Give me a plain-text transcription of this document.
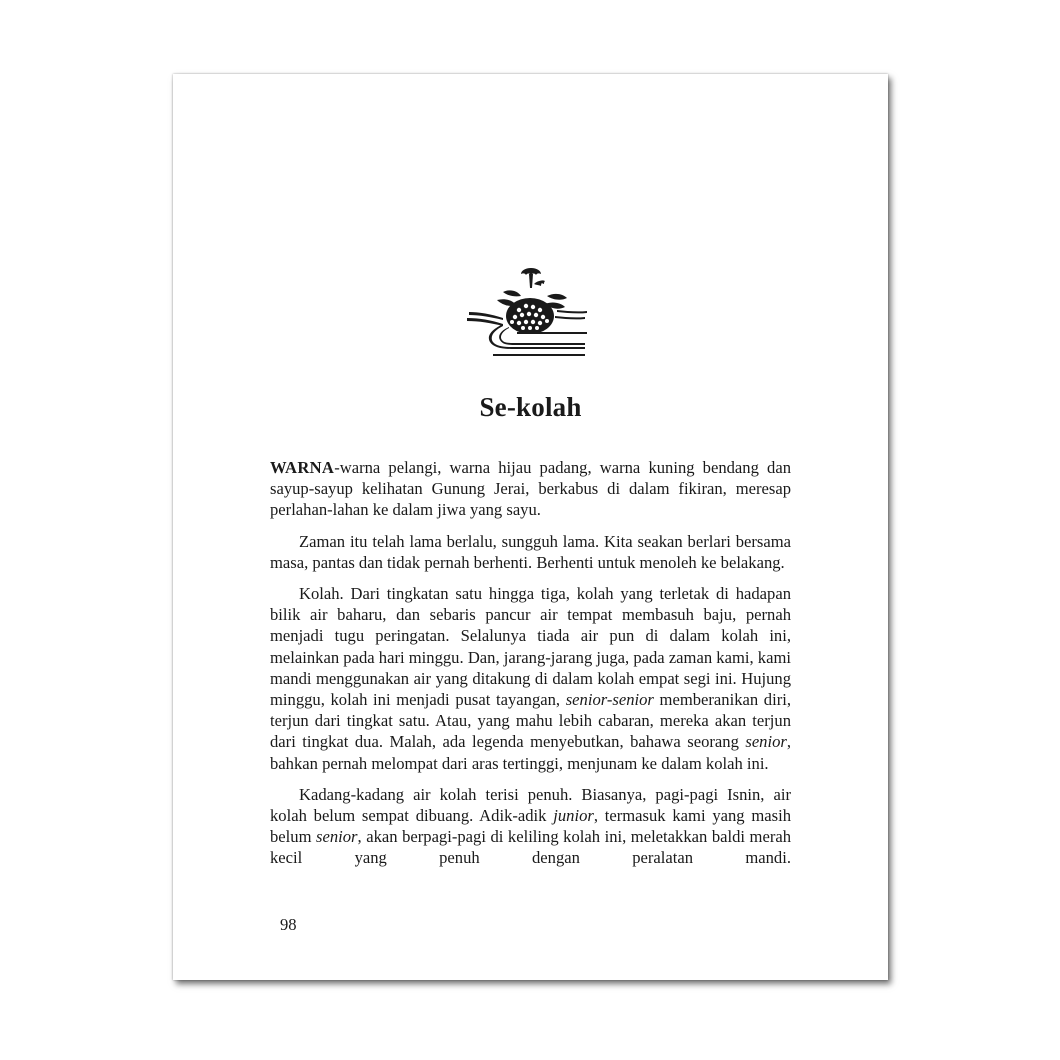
Se-kolah

WARNA-warna pelangi, warna hijau padang, warna kuning bendang dan sayup-sayup kelihatan Gunung Jerai, berkabus di dalam fikiran, meresap perlahan-lahan ke dalam jiwa yang sayu.

Zaman itu telah lama berlalu, sungguh lama. Kita seakan berlari bersama masa, pantas dan tidak pernah berhenti. Berhenti untuk menoleh ke belakang.

Kolah. Dari tingkatan satu hingga tiga, kolah yang terletak di hadapan bilik air baharu, dan sebaris pancur air tempat membasuh baju, pernah menjadi tugu peringatan. Selalunya tiada air pun di dalam kolah ini, melainkan pada hari minggu. Dan, jarang-jarang juga, pada zaman kami, kami mandi menggunakan air yang ditakung di dalam kolah empat segi ini. Hujung minggu, kolah ini menjadi pusat tayangan, senior-senior memberanikan diri, terjun dari tingkat satu. Atau, yang mahu lebih cabaran, mereka akan terjun dari tingkat dua. Malah, ada legenda menyebutkan, bahawa seorang senior, bahkan pernah melompat dari aras tertinggi, menjunam ke dalam kolah ini.

Kadang-kadang air kolah terisi penuh. Biasanya, pagi-pagi Isnin, air kolah belum sempat dibuang. Adik-adik junior, termasuk kami yang masih belum senior, akan berpagi-pagi di keliling kolah ini, meletakkan baldi merah kecil yang penuh dengan peralatan mandi.

98
